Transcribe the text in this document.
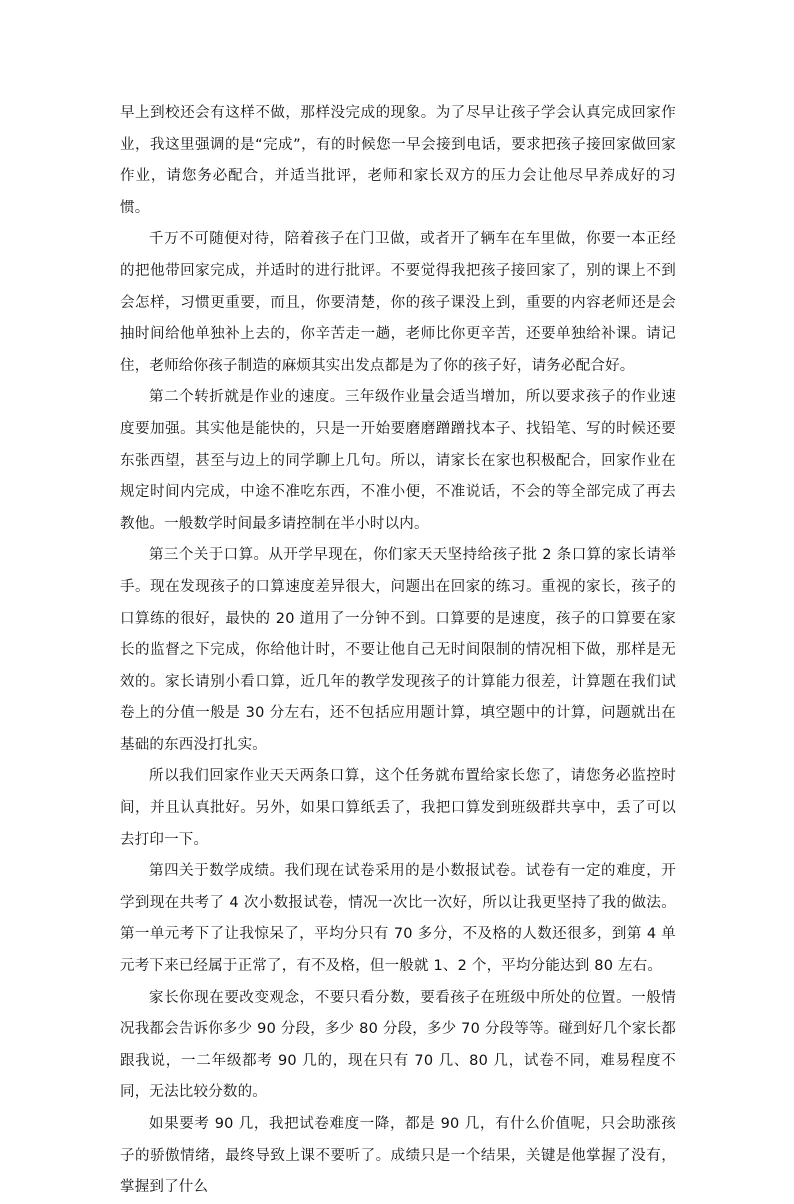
早上到校还会有这样不做，那样没完成的现象。为了尽早让孩子学会认真完成回家作业，我这里强调的是“完成”，有的时候您一早会接到电话，要求把孩子接回家做回家作业，请您务必配合，并适当批评，老师和家长双方的压力会让他尽早养成好的习惯。

千万不可随便对待，陪着孩子在门卫做，或者开了辆车在车里做，你要一本正经的把他带回家完成，并适时的进行批评。不要觉得我把孩子接回家了，别的课上不到会怎样，习惯更重要，而且，你要清楚，你的孩子课没上到，重要的内容老师还是会抽时间给他单独补上去的，你辛苦走一趟，老师比你更辛苦，还要单独给补课。请记住，老师给你孩子制造的麻烦其实出发点都是为了你的孩子好，请务必配合好。

第二个转折就是作业的速度。三年级作业量会适当增加，所以要求孩子的作业速度要加强。其实他是能快的，只是一开始要磨磨蹭蹭找本子、找铅笔、写的时候还要东张西望，甚至与边上的同学聊上几句。所以，请家长在家也积极配合，回家作业在规定时间内完成，中途不准吃东西，不准小便，不准说话，不会的等全部完成了再去教他。一般数学时间最多请控制在半小时以内。

第三个关于口算。从开学早现在，你们家天天坚持给孩子批 2 条口算的家长请举手。现在发现孩子的口算速度差异很大，问题出在回家的练习。重视的家长，孩子的口算练的很好，最快的 20 道用了一分钟不到。口算要的是速度，孩子的口算要在家长的监督之下完成，你给他计时，不要让他自己无时间限制的情况相下做，那样是无效的。家长请别小看口算，近几年的教学发现孩子的计算能力很差，计算题在我们试卷上的分值一般是 30 分左右，还不包括应用题计算，填空题中的计算，问题就出在基础的东西没打扎实。

所以我们回家作业天天两条口算，这个任务就布置给家长您了，请您务必监控时间，并且认真批好。另外，如果口算纸丢了，我把口算发到班级群共享中，丢了可以去打印一下。

第四关于数学成绩。我们现在试卷采用的是小数报试卷。试卷有一定的难度，开学到现在共考了 4 次小数报试卷，情况一次比一次好，所以让我更坚持了我的做法。第一单元考下了让我惊呆了，平均分只有 70 多分，不及格的人数还很多，到第 4 单元考下来已经属于正常了，有不及格，但一般就 1、2 个，平均分能达到 80 左右。

家长你现在要改变观念，不要只看分数，要看孩子在班级中所处的位置。一般情况我都会告诉你多少 90 分段，多少 80 分段，多少 70 分段等等。碰到好几个家长都跟我说，一二年级都考 90 几的，现在只有 70 几、80 几，试卷不同，难易程度不同，无法比较分数的。

如果要考 90 几，我把试卷难度一降，都是 90 几，有什么价值呢，只会助涨孩子的骄傲情绪，最终导致上课不要听了。成绩只是一个结果，关键是他掌握了没有，掌握到了什么
